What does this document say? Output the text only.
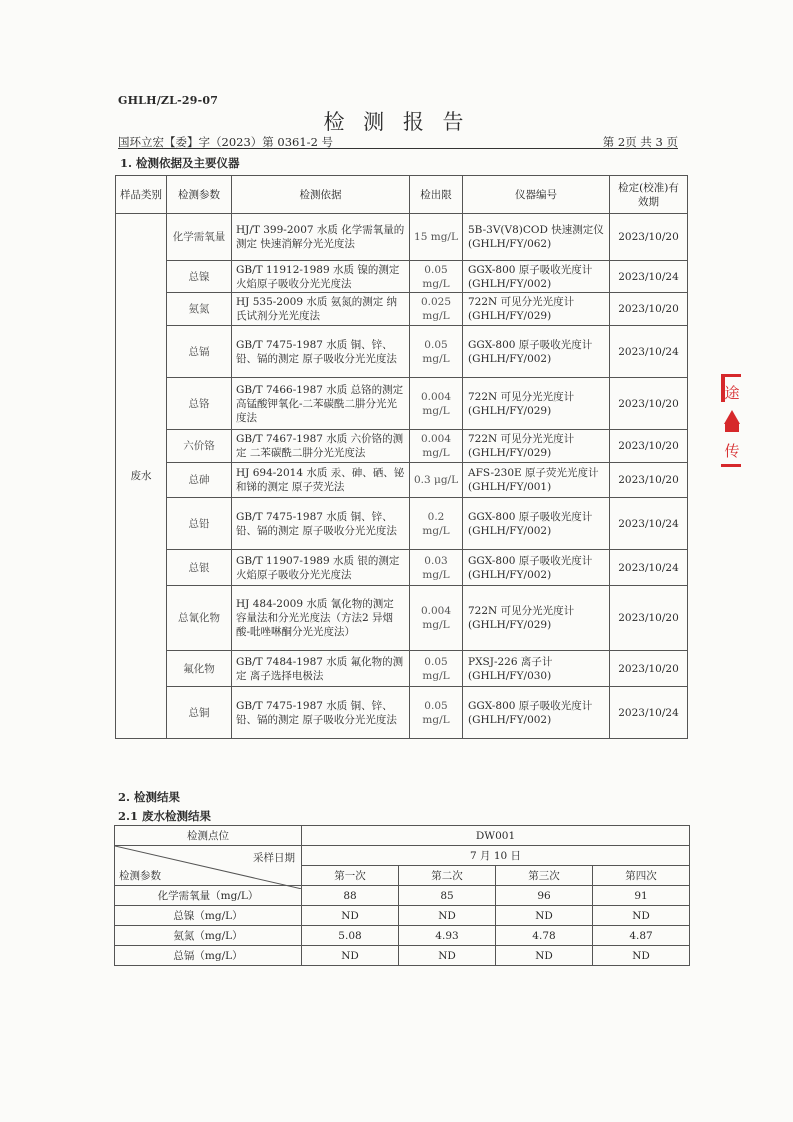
GHLH/ZL-29-07
检 测 报 告
国环立宏【委】字（2023）第 0361-2 号	第 2页 共 3 页
1. 检测依据及主要仪器
样品类别	检测参数	检测依据	检出限	仪器编号	检定(校准)有效期
废水	化学需氧量	HJ/T 399-2007 水质 化学需氧量的测定 快速消解分光光度法	15 mg/L	5B-3V(V8)COD 快速测定仪(GHLH/FY/062)	2023/10/20
	总镍	GB/T 11912-1989 水质 镍的测定 火焰原子吸收分光光度法	0.05 mg/L	GGX-800 原子吸收光度计(GHLH/FY/002)	2023/10/24
	氨氮	HJ 535-2009 水质 氨氮的测定 纳氏试剂分光光度法	0.025 mg/L	722N 可见分光光度计(GHLH/FY/029)	2023/10/20
	总镉	GB/T 7475-1987 水质 铜、锌、铅、镉的测定 原子吸收分光光度法	0.05 mg/L	GGX-800 原子吸收光度计(GHLH/FY/002)	2023/10/24
	总铬	GB/T 7466-1987 水质 总铬的测定 高锰酸钾氧化-二苯碳酰二肼分光光度法	0.004 mg/L	722N 可见分光光度计(GHLH/FY/029)	2023/10/20
	六价铬	GB/T 7467-1987 水质 六价铬的测定 二苯碳酰二肼分光光度法	0.004 mg/L	722N 可见分光光度计(GHLH/FY/029)	2023/10/20
	总砷	HJ 694-2014 水质 汞、砷、硒、铋和锑的测定 原子荧光法	0.3 μg/L	AFS-230E 原子荧光光度计(GHLH/FY/001)	2023/10/20
	总铅	GB/T 7475-1987 水质 铜、锌、铅、镉的测定 原子吸收分光光度法	0.2 mg/L	GGX-800 原子吸收光度计(GHLH/FY/002)	2023/10/24
	总银	GB/T 11907-1989 水质 银的测定 火焰原子吸收分光光度法	0.03 mg/L	GGX-800 原子吸收光度计(GHLH/FY/002)	2023/10/24
	总氰化物	HJ 484-2009 水质 氰化物的测定 容量法和分光光度法（方法2 异烟酸-吡唑啉酮分光光度法）	0.004 mg/L	722N 可见分光光度计(GHLH/FY/029)	2023/10/20
	氟化物	GB/T 7484-1987 水质 氟化物的测定 离子选择电极法	0.05 mg/L	PXSJ-226 离子计(GHLH/FY/030)	2023/10/20
	总铜	GB/T 7475-1987 水质 铜、锌、铅、镉的测定 原子吸收分光光度法	0.05 mg/L	GGX-800 原子吸收光度计(GHLH/FY/002)	2023/10/24
2. 检测结果
2.1 废水检测结果
检测点位	DW001			

采样日期
检测参数	7 月 10 日			
	第一次	第二次	第三次	第四次
化学需氧量（mg/L）	88	85	96	91
总镍（mg/L）	ND	ND	ND	ND
氨氮（mg/L）	5.08	4.93	4.78	4.87
总镉（mg/L）	ND	ND	ND	ND
途
传
